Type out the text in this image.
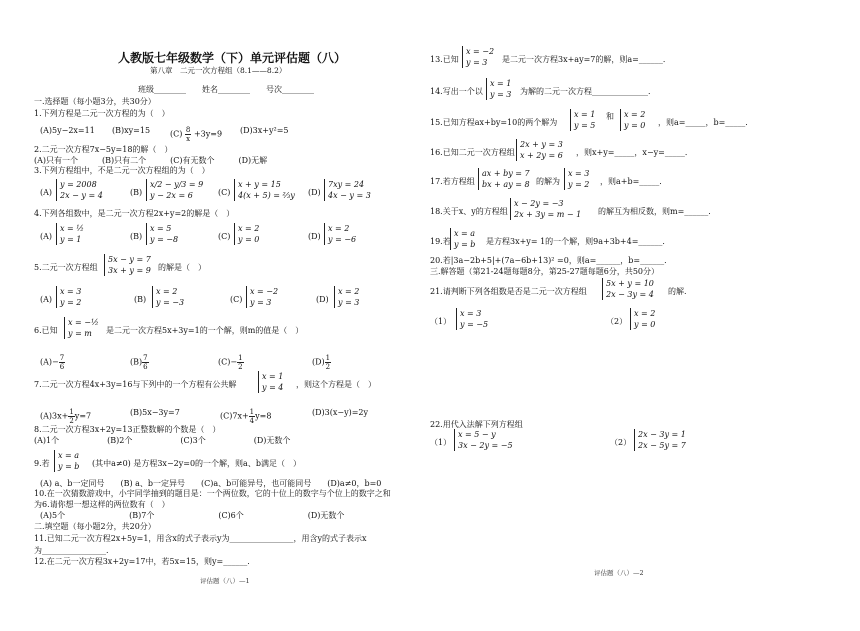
人教版七年级数学（下）单元评估题（八）
第八章　二元一次方程组（8.1——8.2）
班级________　　姓名________　　号次________
一.选择题（每小题3分，共30分）
1.下列方程是二元一次方程的为（　）
(A)5y−2x=11 (B)xy=15 $(C) \frac{8}{x} +3y=9$ (D)3x+y²=5
2.二元一次方程7x−5y=18的解（　）
(A)只有一个　　　(B)只有二个　　　(C)有无数个　　　(D)无解
3.下列方程组中，不是二元一次方程组的为（　）
(A)
y = 2008
2x − y = 4	(B)
x/2 − y/3 = 9
y − 2x = 6	(C)
x + y = 15
4(x + 5) = ⅔y (D)
7xy = 24
4x − y = 3
4.下列各组数中，是二元一次方程2x+y=2的解是（　）
(A)
x = ½
y = 1	(B)
x = 5
y = −8	(C)
x = 2
y = 0	(D)
x = 2
y = −6
5.二元一次方程组
5x − y = 7
3x + y = 9 的解是（　）
(A)
x = 3
y = 2	(B)
x = 2
y = −3	(C)
x = −2
y = 3	(D)
x = 2
y = 3
6.已知
x = −½
y = m	是二元一次方程5x+3y=1的一个解，则m的值是（　）
$(A)- \frac{7}{6}$	$(B) \frac{7}{6}$	$(C)- \frac{1}{2}$	$(D) \frac{1}{2}$
7.二元一次方程4x+3y=16与下列中的一个方程有公共解
x = 1
y = 4 ，则这个方程是（　）
$(A)3x+ \frac{1}{2} y=7$	(B)5x−3y=7	$(C)7x+ \frac{1}{4} y=8$	(D)3(x−y)=2y
8.二元一次方程3x+2y=13正整数解的个数是（　）
(A)1个　　　　　　(B)2个　　　　　　(C)3个　　　　　　(D)无数个
9.若
x = a
y = b (其中a≠0) 是方程3x−2y=0的一个解，则a、b满足（　）
(A) a、b一定同号　　(B) a、b一定异号　　(C)a、b可能异号，也可能同号　　(D)a≠0，b=0
10.在一次猜数游戏中，小宇同学抽到的题目是：一个两位数，它的十位上的数字与个位上的数字之和
为6.请你想一想这样的两位数有（　）
(A)5个　　　　　　　　(B)7个　　　　　　　　(C)6个　　　　　　　　(D)无数个
二.填空题（每小题2分，共20分）
11.已知二元一次方程2x+5y=1，用含x的式子表示y为________________，用含y的式子表示x
为________________.
12.在二元一次方程3x+2y=17中，若5x=15，则y=______．
评估题（八）—1
13.已知
x = −2
y = 3	是二元一次方程3x+ay=7的解，则a=______．
14.写出一个以
x = 1
y = 3 为解的二元一次方程______________．
15.已知方程ax+by=10的两个解为
x = 1
y = 5
和 x = 2
y = 0 ，则a=_____，b=_____．
16.已知二元一次方程组
2x + y = 3
x + 2y = 6 ，则x+y=_____，x−y=_____．
17.若方程组
ax + by = 7
bx + ay = 8 的解为
x = 3
y = 2 ，则a+b=_____．
18.关于x、y的方程组
x − 2y = −3
2x + 3y = m − 1 的解互为相反数，则m=______．
19.若
x = a
y = b 是方程3x+y= 1的一个解，则9a+3b+4=______．
20.若|3a−2b+5|+(7a−6b+13)² =0，则a=______，b=______．
三.解答题（第21-24题每题8分，第25-27题每题6分，共50分）
21.请判断下列各组数是否是二元一次方程组
5x + y = 10
2x − 3y = 4 的解.
（1）
x = 3
y = −5	（2）
x = 2
y = 0
22.用代入法解下列方程组
（1）
x = 5 − y
3x − 2y = −5	（2）
2x − 3y = 1
2x − 5y = 7
评估题（八）—2
